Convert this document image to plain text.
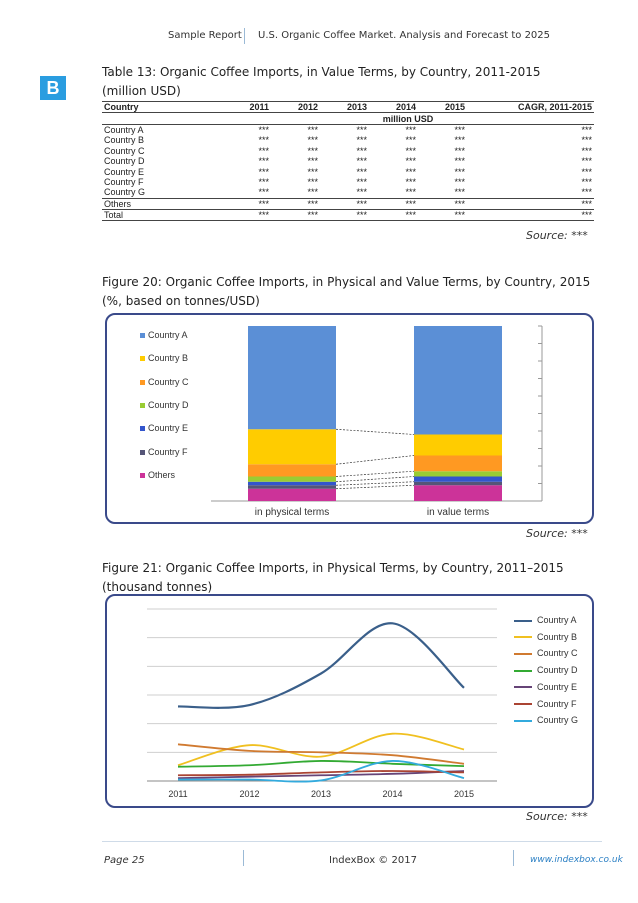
Sample Report U.S. Organic Coffee Market. Analysis and Forecast to 2025
B
Table 13: Organic Coffee Imports, in Value Terms, by Country, 2011-2015
(million USD)
Country	2011	2012	2013	2014	2015	CAGR, 2011-2015
	million USD					
Country A	***	***	***	***	***	***
Country B	***	***	***	***	***	***
Country C	***	***	***	***	***	***
Country D	***	***	***	***	***	***
Country E	***	***	***	***	***	***
Country F	***	***	***	***	***	***
Country G	***	***	***	***	***	***
Others	***	***	***	***	***	***
Total	***	***	***	***	***	***
Source: ***
Figure 20: Organic Coffee Imports, in Physical and Value Terms, by Country, 2015
(%, based on tonnes/USD)
Country A
Country B
Country C
Country D
Country E
Country F
Others
in physical terms	in value terms
Source: ***
Figure 21: Organic Coffee Imports, in Physical Terms, by Country, 2011–2015
(thousand tonnes)
2011	2012	2013	2014	2015
Country A
Country B
Country C
Country D
Country E
Country F
Country G
Source: ***
Page 25	IndexBox © 2017	www.indexbox.co.uk
